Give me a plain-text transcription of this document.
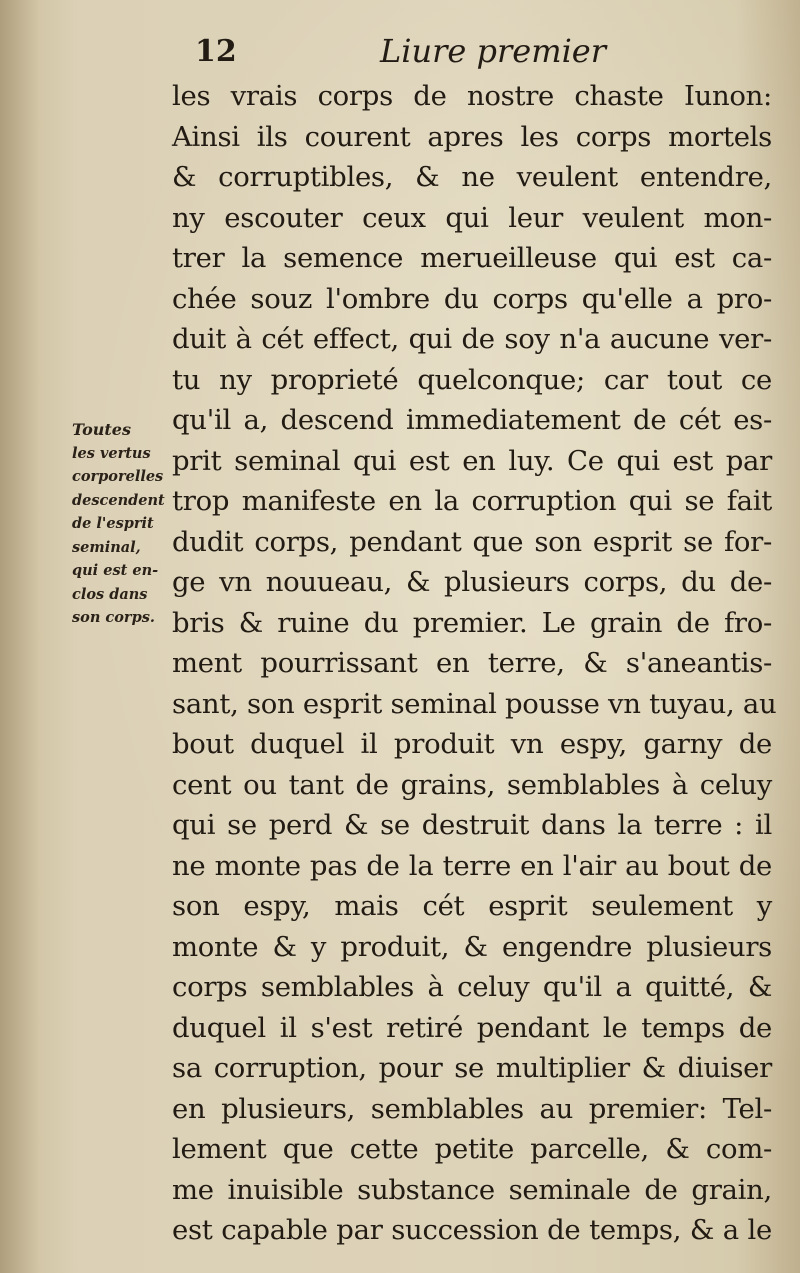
12	Liure premier
les vrais corps de nostre chaste Iunon:
Ainsi ils courent apres les corps mortels
& corruptibles, & ne veulent entendre,
ny escouter ceux qui leur veulent mon-
trer la semence merueilleuse qui est ca-
chée souz l'ombre du corps qu'elle a pro-
duit à cét effect, qui de soy n'a aucune ver-
tu ny proprieté quelconque; car tout ce
qu'il a, descend immediatement de cét es-
prit seminal qui est en luy. Ce qui est par
trop manifeste en la corruption qui se fait
dudit corps, pendant que son esprit se for-
ge vn nouueau, & plusieurs corps, du de-
bris & ruine du premier. Le grain de fro-
ment pourrissant en terre, & s'aneantis-
sant, son esprit seminal pousse vn tuyau, au
bout duquel il produit vn espy, garny de
cent ou tant de grains, semblables à celuy
qui se perd & se destruit dans la terre : il
ne monte pas de la terre en l'air au bout de
son espy, mais cét esprit seulement y
monte & y produit, & engendre plusieurs
corps semblables à celuy qu'il a quitté, &
duquel il s'est retiré pendant le temps de
sa corruption, pour se multiplier & diuiser
en plusieurs, semblables au premier: Tel-
lement que cette petite parcelle, & com-
me inuisible substance seminale de grain,
est capable par succession de temps, & a le
Toutes
les vertus
corporelles
descendent
de l'esprit
seminal,
qui est en-
clos dans
son corps.
